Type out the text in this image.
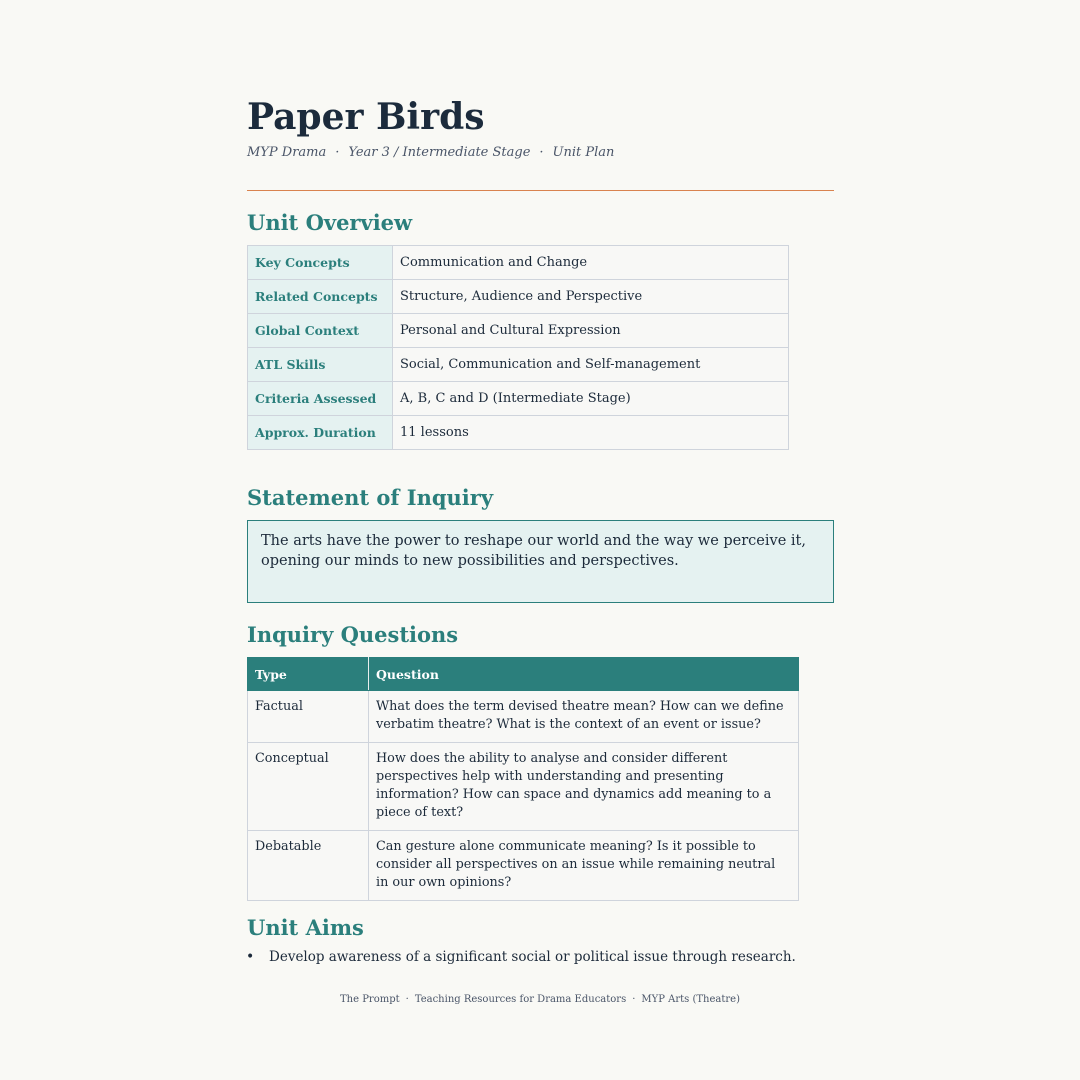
Paper Birds
MYP Drama · Year 3 / Intermediate Stage · Unit Plan
Unit Overview
Key Concepts	Communication and Change
Related Concepts	Structure, Audience and Perspective
Global Context	Personal and Cultural Expression
ATL Skills	Social, Communication and Self-management
Criteria Assessed	A, B, C and D (Intermediate Stage)
Approx. Duration	11 lessons
Statement of Inquiry
The arts have the power to reshape our world and the way we perceive it, opening our minds to new possibilities and perspectives.
Inquiry Questions
Type	Question
Factual	What does the term devised theatre mean? How can we define verbatim theatre? What is the context of an event or issue?
Conceptual	How does the ability to analyse and consider different perspectives help with understanding and presenting information? How can space and dynamics add meaning to a piece of text?
Debatable	Can gesture alone communicate meaning? Is it possible to consider all perspectives on an issue while remaining neutral in our own opinions?
Unit Aims
• Develop awareness of a significant social or political issue through research.
The Prompt · Teaching Resources for Drama Educators · MYP Arts (Theatre)
